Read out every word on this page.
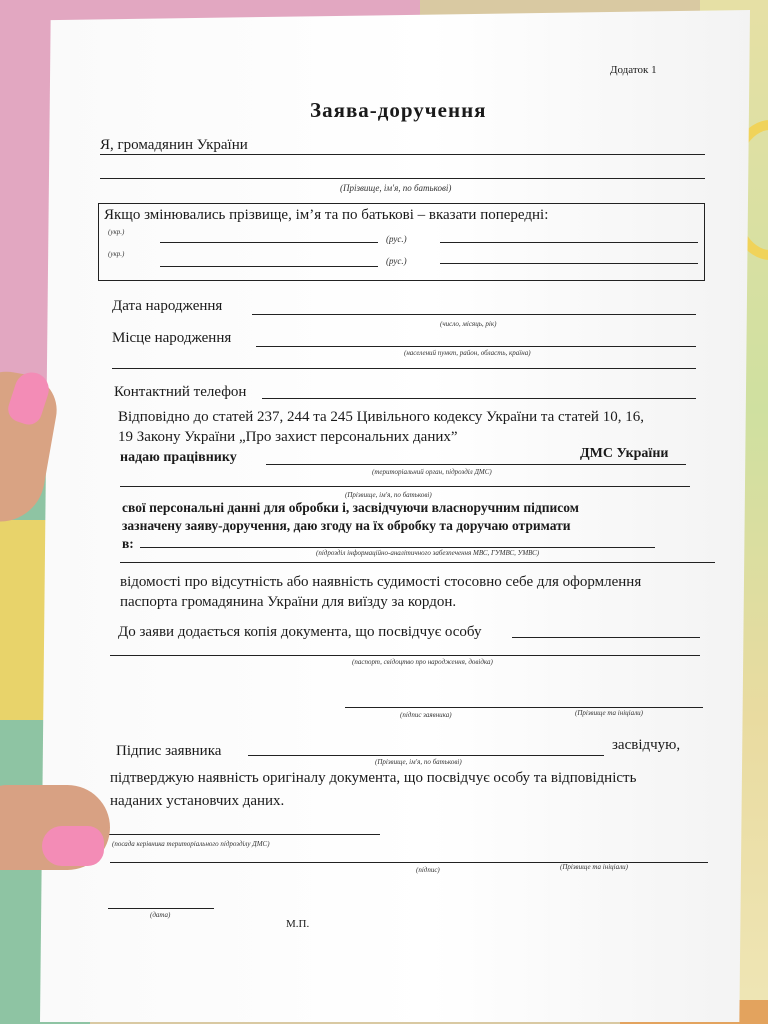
Додаток 1
Заява-доручення
Я, громадянин України
(Прізвище, ім'я, по батькові)
Якщо змінювались прізвище, ім’я та по батькові – вказати попередні:
(укр.)
(рус.)
(укр.)
(рус.)
Дата народження
(число, місяць, рік)
Місце народження
(населений пункт, район, область, країна)
Контактний телефон
Відповідно до статей 237, 244 та 245 Цивільного кодексу України та статей 10, 16,
19 Закону України „Про захист персональних даних”
надаю працівнику	ДМС України
(територіальний орган, підрозділ ДМС)
(Прізвище, ім'я, по батькові)
свої персональні данні для обробки і, засвідчуючи власноручним підписом
зазначену заяву-доручення, даю згоду на їх обробку та доручаю отримати
в:
(підрозділ інформаційно-аналітичного забезпечення МВС, ГУМВС, УМВС)
відомості про відсутність або наявність судимості стосовно себе для оформлення
паспорта громадянина України для виїзду за кордон.
До заяви додається копія документа, що посвідчує особу
(паспорт, свідоцтво про народження, довідка)
(підпис заявника)	(Прізвище та ініціали)
Підпис заявника
(Прізвище, ім'я, по батькові)
засвідчую,
підтверджую наявність оригіналу документа, що посвідчує особу та відповідність
наданих установчих даних.
(посада керівника територіального підрозділу ДМС)
(підпис)	(Прізвище та ініціали)
(дата)
М.П.
